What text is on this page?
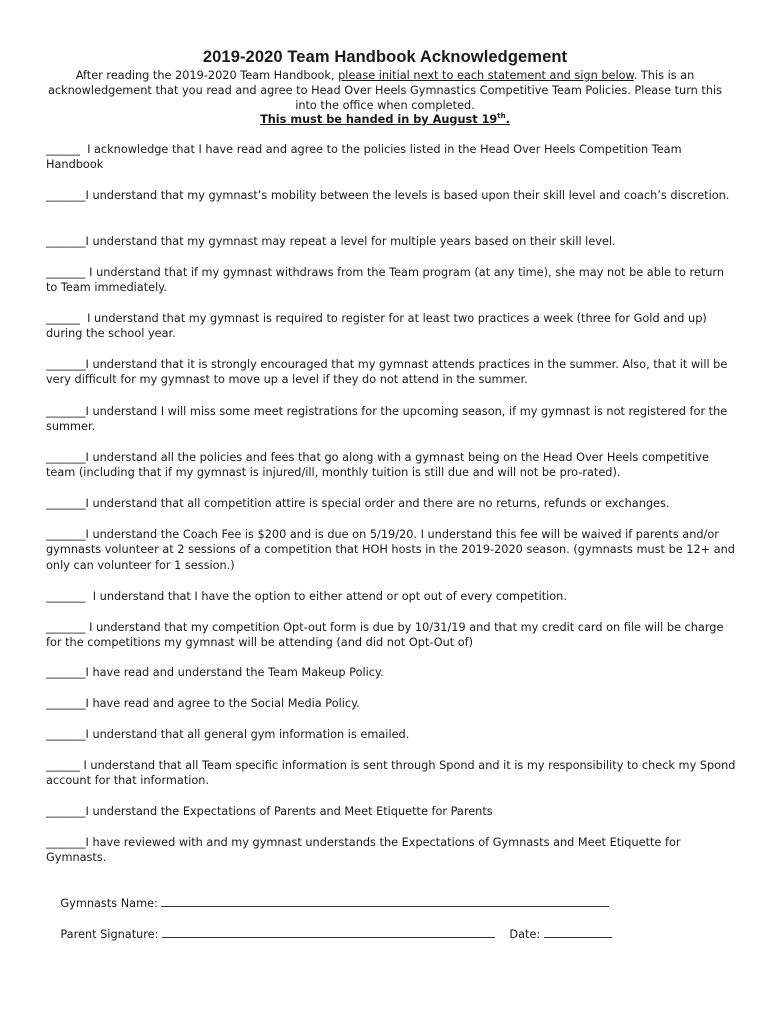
2019-2020 Team Handbook Acknowledgement
After reading the 2019-2020 Team Handbook, please initial next to each statement and sign below. This is an acknowledgement that you read and agree to Head Over Heels Gymnastics Competitive Team Policies. Please turn this into the office when completed.
This must be handed in by August 19th.
______  I acknowledge that I have read and agree to the policies listed in the Head Over Heels Competition Team Handbook
_______I understand that my gymnast’s mobility between the levels is based upon their skill level and coach’s discretion.
_______I understand that my gymnast may repeat a level for multiple years based on their skill level.
_______ I understand that if my gymnast withdraws from the Team program (at any time), she may not be able to return to Team immediately.
______  I understand that my gymnast is required to register for at least two practices a week (three for Gold and up) during the school year.
_______I understand that it is strongly encouraged that my gymnast attends practices in the summer. Also, that it will be very difficult for my gymnast to move up a level if they do not attend in the summer.
_______I understand I will miss some meet registrations for the upcoming season, if my gymnast is not registered for the summer.
_______I understand all the policies and fees that go along with a gymnast being on the Head Over Heels competitive team (including that if my gymnast is injured/ill, monthly tuition is still due and will not be pro-rated).
_______I understand that all competition attire is special order and there are no returns, refunds or exchanges.
_______I understand the Coach Fee is $200 and is due on 5/19/20. I understand this fee will be waived if parents and/or gymnasts volunteer at 2 sessions of a competition that HOH hosts in the 2019-2020 season. (gymnasts must be 12+ and only can volunteer for 1 session.)
_______  I understand that I have the option to either attend or opt out of every competition.
_______ I understand that my competition Opt-out form is due by 10/31/19 and that my credit card on file will be charge for the competitions my gymnast will be attending (and did not Opt-Out of)
_______I have read and understand the Team Makeup Policy.
_______I have read and agree to the Social Media Policy.
_______I understand that all general gym information is emailed.
______ I understand that all Team specific information is sent through Spond and it is my responsibility to check my Spond account for that information.
_______I understand the Expectations of Parents and Meet Etiquette for Parents
_______I have reviewed with and my gymnast understands the Expectations of Gymnasts and Meet Etiquette for Gymnasts.

Gymnasts Name:

Parent Signature:	Date:
